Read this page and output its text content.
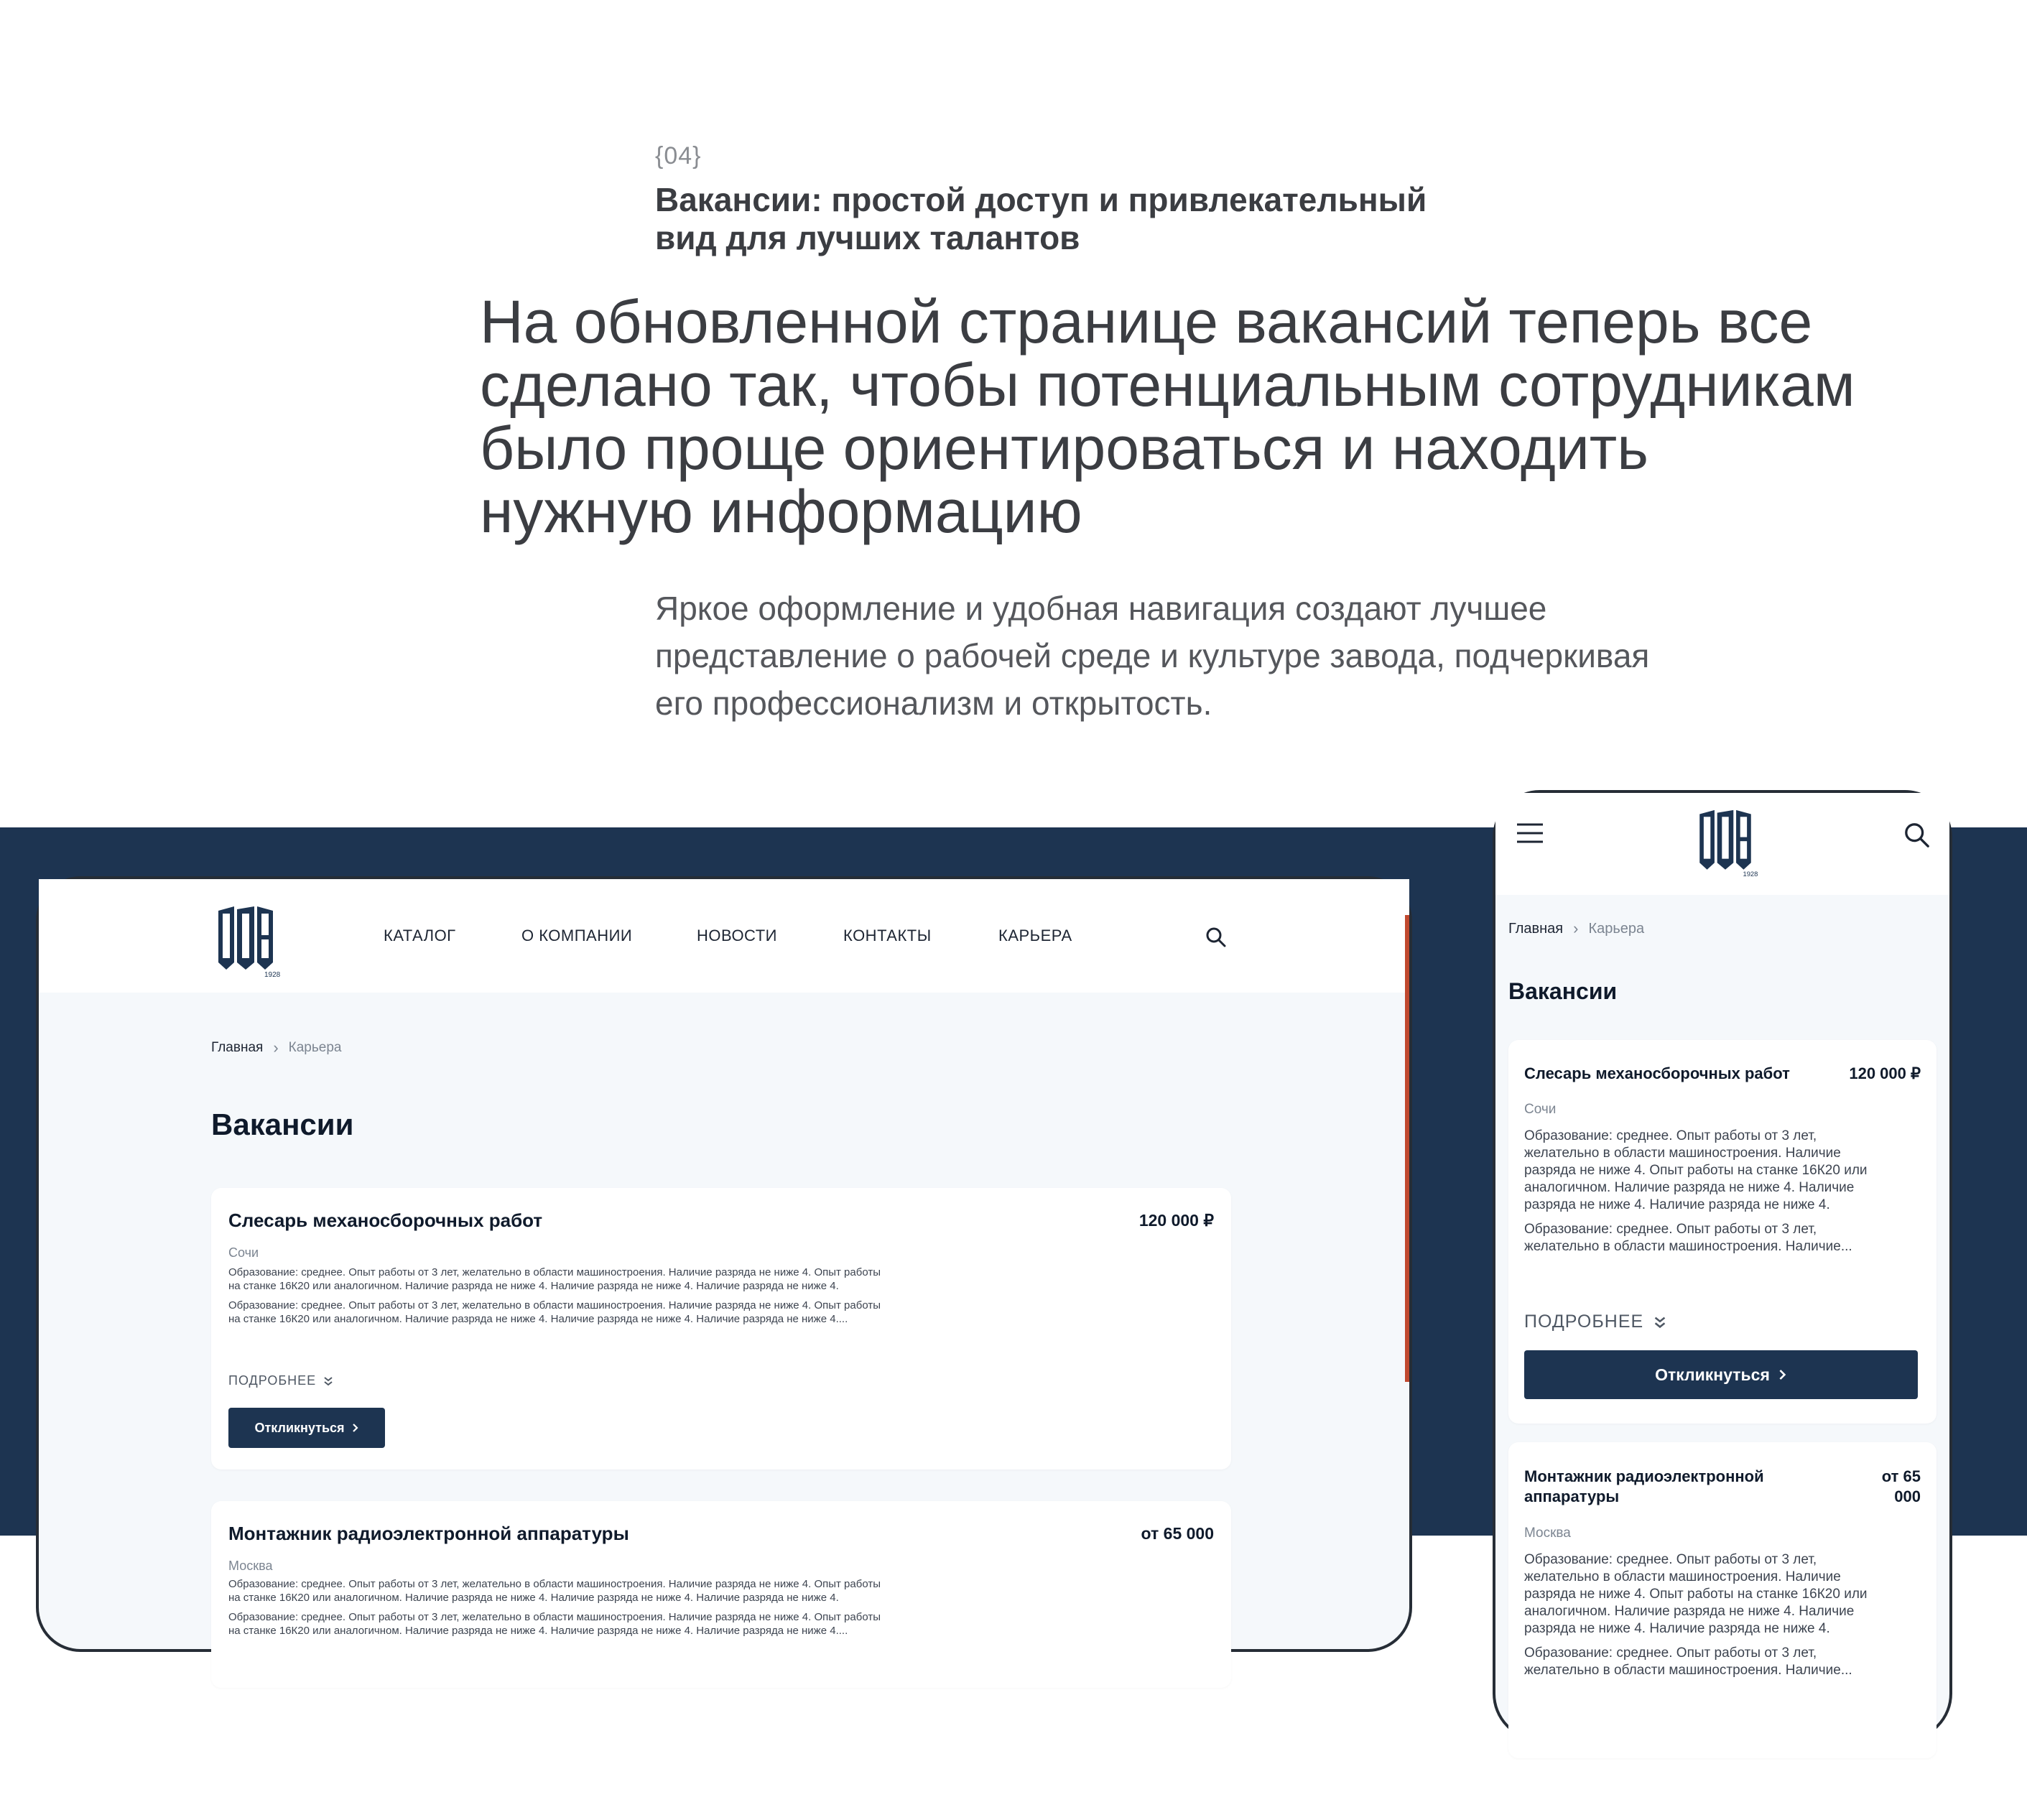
{04}
Вакансии: простой доступ и привлекательный
вид для лучших талантов
На обновленной странице вакансий теперь все
сделано так, чтобы потенциальным сотрудникам
было проще ориентироваться и находить
нужную информацию
Яркое оформление и удобная навигация создают лучшее
представление о рабочей среде и культуре завода, подчеркивая
его профессионализм и открытость.
1928
КАТАЛОГ	О КОМПАНИИ	НОВОСТИ	КОНТАКТЫ	КАРЬЕРА
Главная › Карьера
Вакансии
Слесарь механосборочных работ	120 000 ₽
Сочи
Образование: среднее. Опыт работы от 3 лет, желательно в области машиностроения. Наличие разряда не ниже 4. Опыт работы
на станке 16К20 или аналогичном. Наличие разряда не ниже 4. Наличие разряда не ниже 4. Наличие разряда не ниже 4.
Образование: среднее. Опыт работы от 3 лет, желательно в области машиностроения. Наличие разряда не ниже 4. Опыт работы
на станке 16К20 или аналогичном. Наличие разряда не ниже 4. Наличие разряда не ниже 4. Наличие разряда не ниже 4....
ПОДРОБНЕЕ
Откликнуться
Монтажник радиоэлектронной аппаратуры	от 65 000
Москва
Образование: среднее. Опыт работы от 3 лет, желательно в области машиностроения. Наличие разряда не ниже 4. Опыт работы
на станке 16К20 или аналогичном. Наличие разряда не ниже 4. Наличие разряда не ниже 4. Наличие разряда не ниже 4.
Образование: среднее. Опыт работы от 3 лет, желательно в области машиностроения. Наличие разряда не ниже 4. Опыт работы
на станке 16К20 или аналогичном. Наличие разряда не ниже 4. Наличие разряда не ниже 4. Наличие разряда не ниже 4....
1928
Главная › Карьера
Вакансии
Слесарь механосборочных работ	120 000 ₽
Сочи
Образование: среднее. Опыт работы от 3 лет,
желательно в области машиностроения. Наличие
разряда не ниже 4. Опыт работы на станке 16К20 или
аналогичном. Наличие разряда не ниже 4. Наличие
разряда не ниже 4. Наличие разряда не ниже 4.
Образование: среднее. Опыт работы от 3 лет,
желательно в области машиностроения. Наличие...
ПОДРОБНЕЕ
Откликнуться
Монтажник радиоэлектронной
аппаратуры
от 65
000
Москва
Образование: среднее. Опыт работы от 3 лет,
желательно в области машиностроения. Наличие
разряда не ниже 4. Опыт работы на станке 16К20 или
аналогичном. Наличие разряда не ниже 4. Наличие
разряда не ниже 4. Наличие разряда не ниже 4.
Образование: среднее. Опыт работы от 3 лет,
желательно в области машиностроения. Наличие...
